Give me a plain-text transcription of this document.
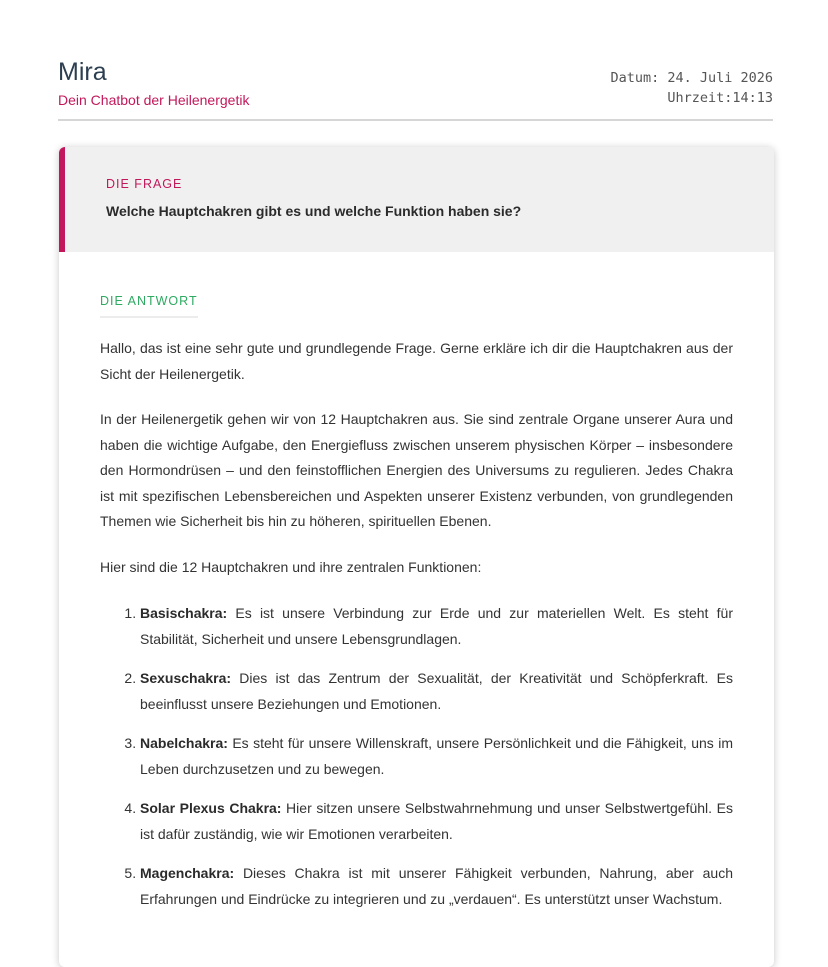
Mira
Dein Chatbot der Heilenergetik
Datum: 24. Juli 2026
Uhrzeit:14:13
DIE FRAGE
Welche Hauptchakren gibt es und welche Funktion haben sie?
DIE ANTWORT

Hallo, das ist eine sehr gute und grundlegende Frage. Gerne erkläre ich dir die Hauptchakren aus der Sicht der Heilenergetik.

In der Heilenergetik gehen wir von 12 Hauptchakren aus. Sie sind zentrale Organe unserer Aura und haben die wichtige Aufgabe, den Energiefluss zwischen unserem physischen Körper – insbesondere den Hormondrüsen – und den feinstofflichen Energien des Universums zu regulieren. Jedes Chakra ist mit spezifischen Lebensbereichen und Aspekten unserer Existenz verbunden, von grundlegenden Themen wie Sicherheit bis hin zu höheren, spirituellen Ebenen.

Hier sind die 12 Hauptchakren und ihre zentralen Funktionen:

1. Basischakra: Es ist unsere Verbindung zur Erde und zur materiellen Welt. Es steht für Stabilität, Sicherheit und unsere Lebensgrundlagen.
2. Sexuschakra: Dies ist das Zentrum der Sexualität, der Kreativität und Schöpferkraft. Es beeinflusst unsere Beziehungen und Emotionen.
3. Nabelchakra: Es steht für unsere Willenskraft, unsere Persönlichkeit und die Fähigkeit, uns im Leben durchzusetzen und zu bewegen.
4. Solar Plexus Chakra: Hier sitzen unsere Selbstwahrnehmung und unser Selbstwertgefühl. Es ist dafür zuständig, wie wir Emotionen verarbeiten.
5. Magenchakra: Dieses Chakra ist mit unserer Fähigkeit verbunden, Nahrung, aber auch Erfahrungen und Eindrücke zu integrieren und zu „verdauen“. Es unterstützt unser Wachstum.
